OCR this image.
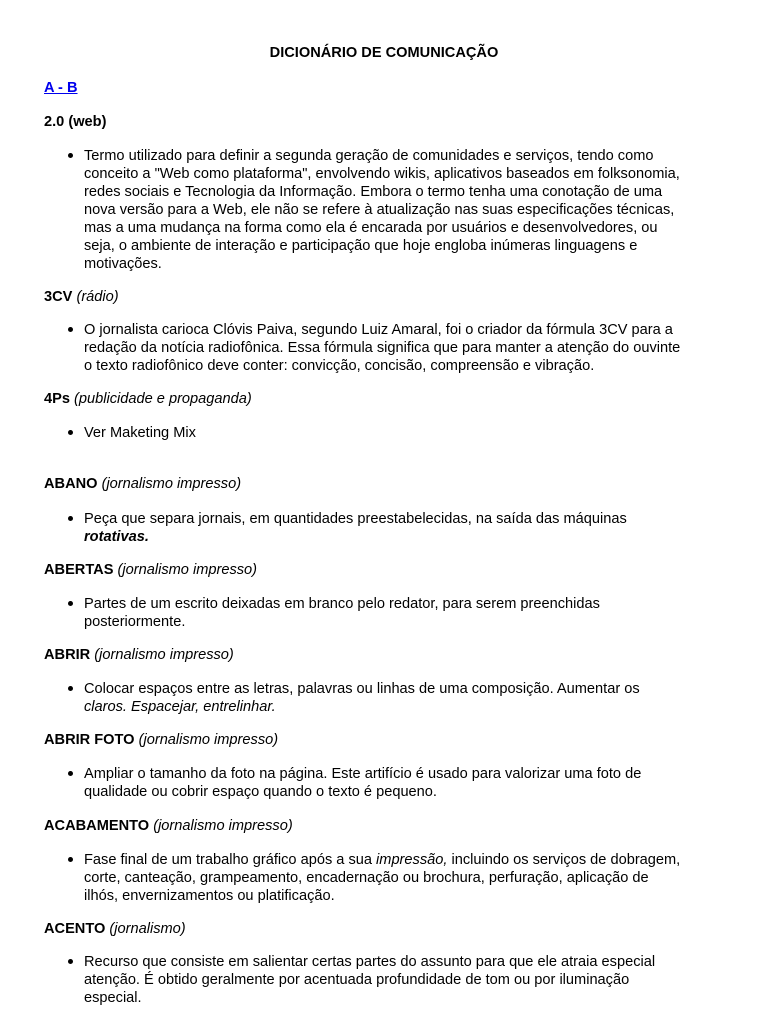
DICIONÁRIO DE COMUNICAÇÃO
A - B
2.0 (web)
Termo utilizado para definir a segunda geração de comunidades e serviços, tendo como
conceito a "Web como plataforma", envolvendo wikis, aplicativos baseados em folksonomia,
redes sociais e Tecnologia da Informação. Embora o termo tenha uma conotação de uma
nova versão para a Web, ele não se refere à atualização nas suas especificações técnicas,
mas a uma mudança na forma como ela é encarada por usuários e desenvolvedores, ou
seja, o ambiente de interação e participação que hoje engloba inúmeras linguagens e
motivações.
3CV (rádio)
O jornalista carioca Clóvis Paiva, segundo Luiz Amaral, foi o criador da fórmula 3CV para a
redação da notícia radiofônica. Essa fórmula significa que para manter a atenção do ouvinte
o texto radiofônico deve conter: convicção, concisão, compreensão e vibração.
4Ps (publicidade e propaganda)
Ver Maketing Mix
ABANO (jornalismo impresso)
Peça que separa jornais, em quantidades preestabelecidas, na saída das máquinas
rotativas.
ABERTAS (jornalismo impresso)
Partes de um escrito deixadas em branco pelo redator, para serem preenchidas
posteriormente.
ABRIR (jornalismo impresso)
Colocar espaços entre as letras, palavras ou linhas de uma composição. Aumentar os
claros. Espacejar, entrelinhar.
ABRIR FOTO (jornalismo impresso)
Ampliar o tamanho da foto na página. Este artifício é usado para valorizar uma foto de
qualidade ou cobrir espaço quando o texto é pequeno.
ACABAMENTO (jornalismo impresso)
Fase final de um trabalho gráfico após a sua impressão, incluindo os serviços de dobragem,
corte, canteação, grampeamento, encadernação ou brochura, perfuração, aplicação de
ilhós, envernizamentos ou platificação.
ACENTO (jornalismo)
Recurso que consiste em salientar certas partes do assunto para que ele atraia especial
atenção. É obtido geralmente por acentuada profundidade de tom ou por iluminação
especial.
